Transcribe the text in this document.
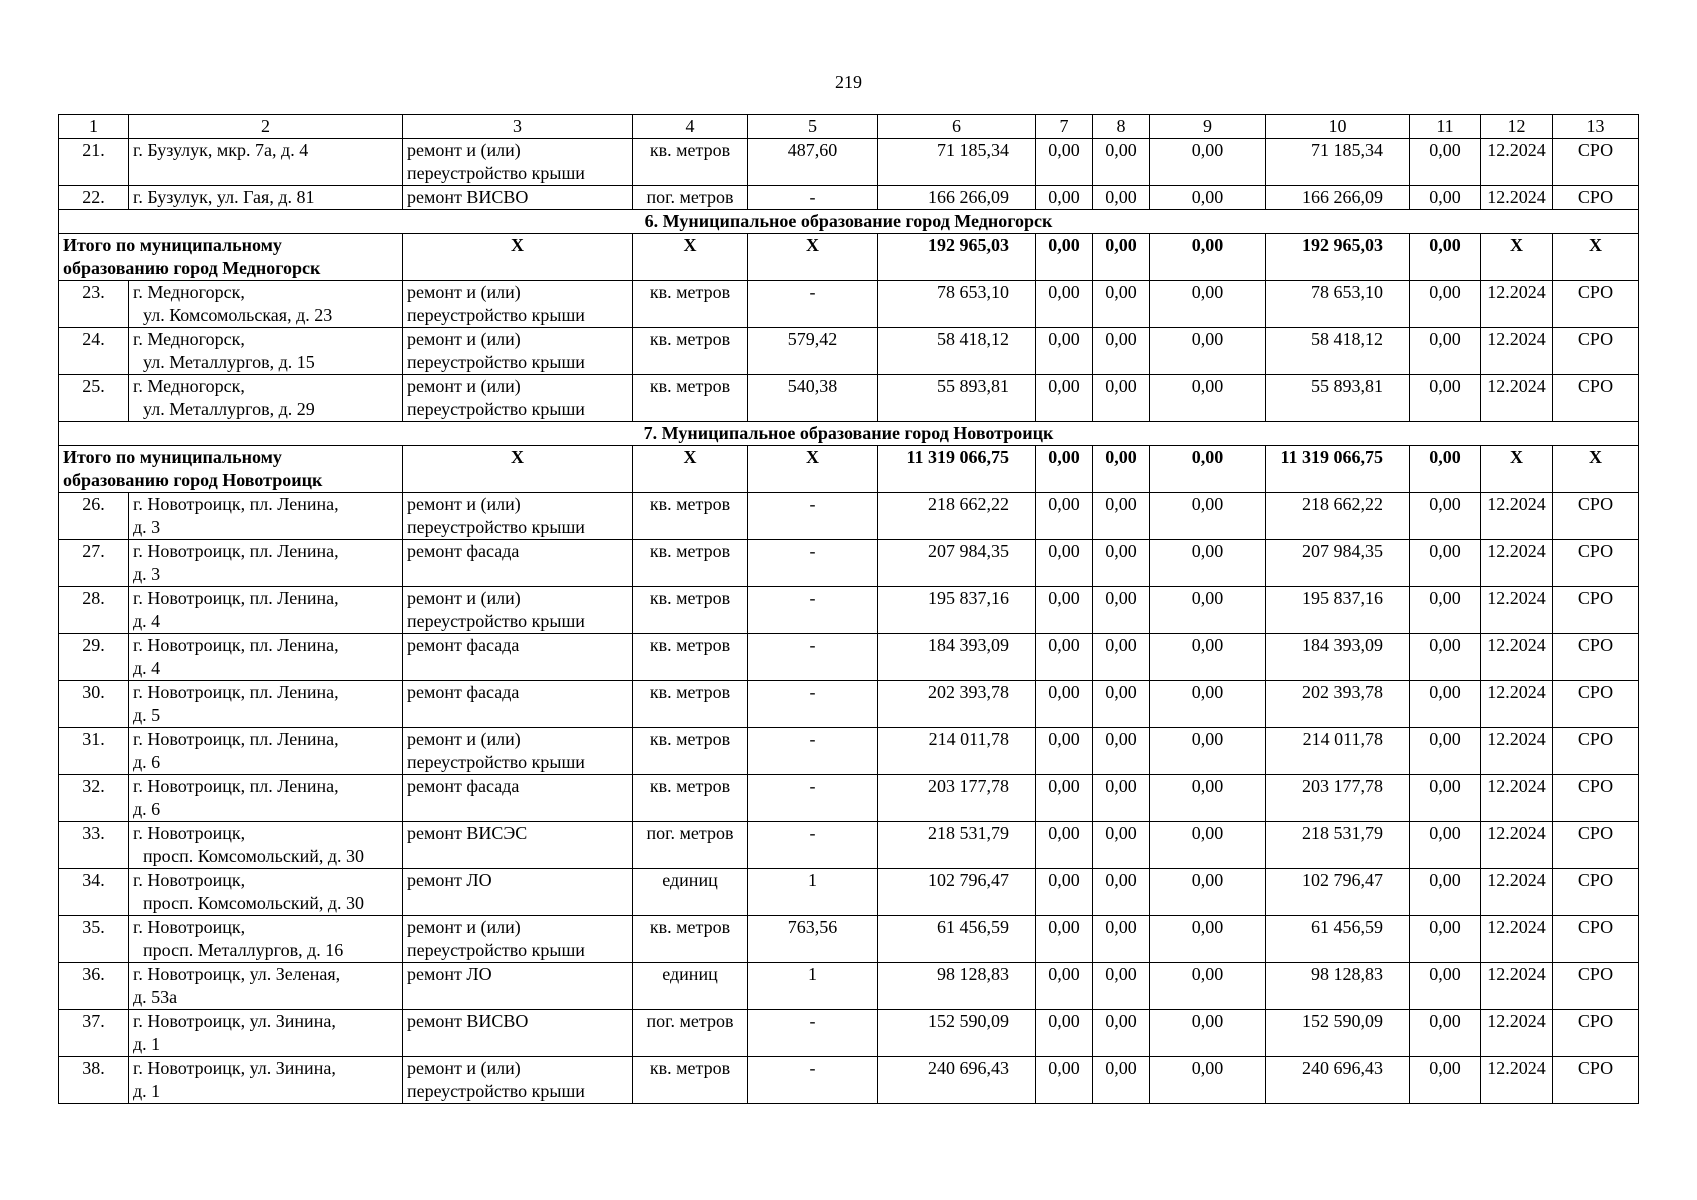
219
1	2	3	4	5	6	7	8	9	10	11	12	13
21.	г. Бузулук, мкр. 7а, д. 4	ремонт и (или)
переустройство крыши	кв. метров	487,60	71 185,34	0,00	0,00	0,00	71 185,34	0,00	12.2024	СРО
22.	г. Бузулук, ул. Гая, д. 81	ремонт ВИСВО	пог. метров	-	166 266,09	0,00	0,00	0,00	166 266,09	0,00	12.2024	СРО
6. Муниципальное образование город Медногорск												

Итого по муниципальному
образованию город Медногорск		X	X	X	192 965,03	0,00	0,00	0,00	192 965,03	0,00	X	X
23.	г. Медногорск,
ул. Комсомольская, д. 23	ремонт и (или)
переустройство крыши	кв. метров	-	78 653,10	0,00	0,00	0,00	78 653,10	0,00	12.2024	СРО
24.	г. Медногорск,
ул. Металлургов, д. 15	ремонт и (или)
переустройство крыши	кв. метров	579,42	58 418,12	0,00	0,00	0,00	58 418,12	0,00	12.2024	СРО
25.	г. Медногорск,
ул. Металлургов, д. 29	ремонт и (или)
переустройство крыши	кв. метров	540,38	55 893,81	0,00	0,00	0,00	55 893,81	0,00	12.2024	СРО
7. Муниципальное образование город Новотроицк												

Итого по муниципальному
образованию город Новотроицк		X	X	X	11 319 066,75	0,00	0,00	0,00	11 319 066,75	0,00	X	X
26.	г. Новотроицк, пл. Ленина,
д. 3	ремонт и (или)
переустройство крыши	кв. метров	-	218 662,22	0,00	0,00	0,00	218 662,22	0,00	12.2024	СРО
27.	г. Новотроицк, пл. Ленина,
д. 3	ремонт фасада	кв. метров	-	207 984,35	0,00	0,00	0,00	207 984,35	0,00	12.2024	СРО
28.	г. Новотроицк, пл. Ленина,
д. 4	ремонт и (или)
переустройство крыши	кв. метров	-	195 837,16	0,00	0,00	0,00	195 837,16	0,00	12.2024	СРО
29.	г. Новотроицк, пл. Ленина,
д. 4	ремонт фасада	кв. метров	-	184 393,09	0,00	0,00	0,00	184 393,09	0,00	12.2024	СРО
30.	г. Новотроицк, пл. Ленина,
д. 5	ремонт фасада	кв. метров	-	202 393,78	0,00	0,00	0,00	202 393,78	0,00	12.2024	СРО
31.	г. Новотроицк, пл. Ленина,
д. 6	ремонт и (или)
переустройство крыши	кв. метров	-	214 011,78	0,00	0,00	0,00	214 011,78	0,00	12.2024	СРО
32.	г. Новотроицк, пл. Ленина,
д. 6	ремонт фасада	кв. метров	-	203 177,78	0,00	0,00	0,00	203 177,78	0,00	12.2024	СРО
33.	г. Новотроицк,
просп. Комсомольский, д. 30	ремонт ВИСЭС	пог. метров	-	218 531,79	0,00	0,00	0,00	218 531,79	0,00	12.2024	СРО
34.	г. Новотроицк,
просп. Комсомольский, д. 30	ремонт ЛО	единиц	1	102 796,47	0,00	0,00	0,00	102 796,47	0,00	12.2024	СРО
35.	г. Новотроицк,
просп. Металлургов, д. 16	ремонт и (или)
переустройство крыши	кв. метров	763,56	61 456,59	0,00	0,00	0,00	61 456,59	0,00	12.2024	СРО
36.	г. Новотроицк, ул. Зеленая,
д. 53а	ремонт ЛО	единиц	1	98 128,83	0,00	0,00	0,00	98 128,83	0,00	12.2024	СРО
37.	г. Новотроицк, ул. Зинина,
д. 1	ремонт ВИСВО	пог. метров	-	152 590,09	0,00	0,00	0,00	152 590,09	0,00	12.2024	СРО
38.	г. Новотроицк, ул. Зинина,
д. 1	ремонт и (или)
переустройство крыши	кв. метров	-	240 696,43	0,00	0,00	0,00	240 696,43	0,00	12.2024	СРО
